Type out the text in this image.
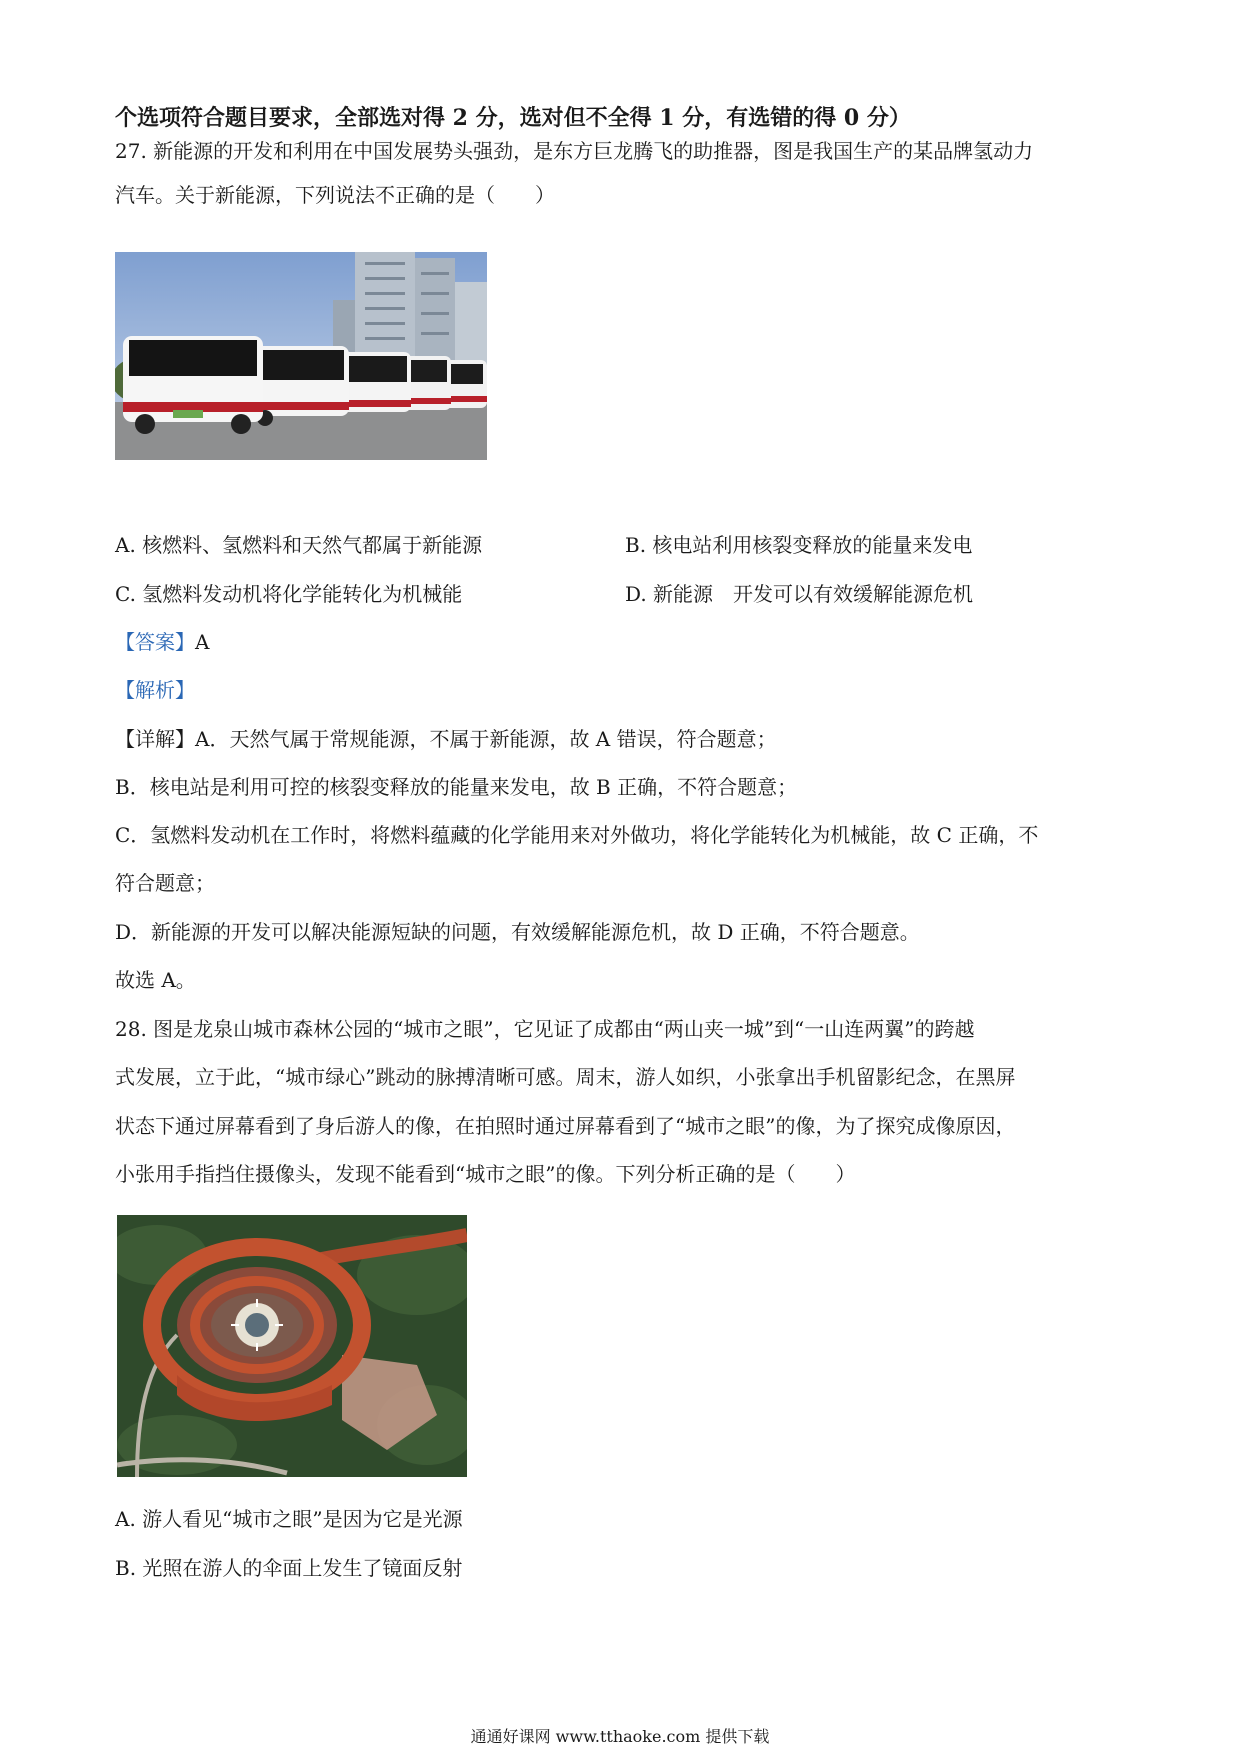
个选项符合题目要求，全部选对得 2 分，选对但不全得 1 分，有选错的得 0 分）
27. 新能源的开发和利用在中国发展势头强劲，是东方巨龙腾飞的助推器，图是我国生产的某品牌氢动力
汽车。关于新能源，下列说法不正确的是（　　）
A. 核燃料、氢燃料和天然气都属于新能源	B. 核电站利用核裂变释放的能量来发电
C. 氢燃料发动机将化学能转化为机械能	D. 新能源　开发可以有效缓解能源危机
【答案】A
【解析】
【详解】A．天然气属于常规能源，不属于新能源，故 A 错误，符合题意；
B．核电站是利用可控的核裂变释放的能量来发电，故 B 正确，不符合题意；
C．氢燃料发动机在工作时，将燃料蕴藏的化学能用来对外做功，将化学能转化为机械能，故 C 正确，不
符合题意；
D．新能源的开发可以解决能源短缺的问题，有效缓解能源危机，故 D 正确，不符合题意。
故选 A。
28. 图是龙泉山城市森林公园的“城市之眼”，它见证了成都由“两山夹一城”到“一山连两翼”的跨越
式发展，立于此，“城市绿心”跳动的脉搏清晰可感。周末，游人如织，小张拿出手机留影纪念，在黑屏
状态下通过屏幕看到了身后游人的像，在拍照时通过屏幕看到了“城市之眼”的像，为了探究成像原因，
小张用手指挡住摄像头，发现不能看到“城市之眼”的像。下列分析正确的是（　　）
A. 游人看见“城市之眼”是因为它是光源
B. 光照在游人的伞面上发生了镜面反射
通通好课网 www.tthaoke.com 提供下载
